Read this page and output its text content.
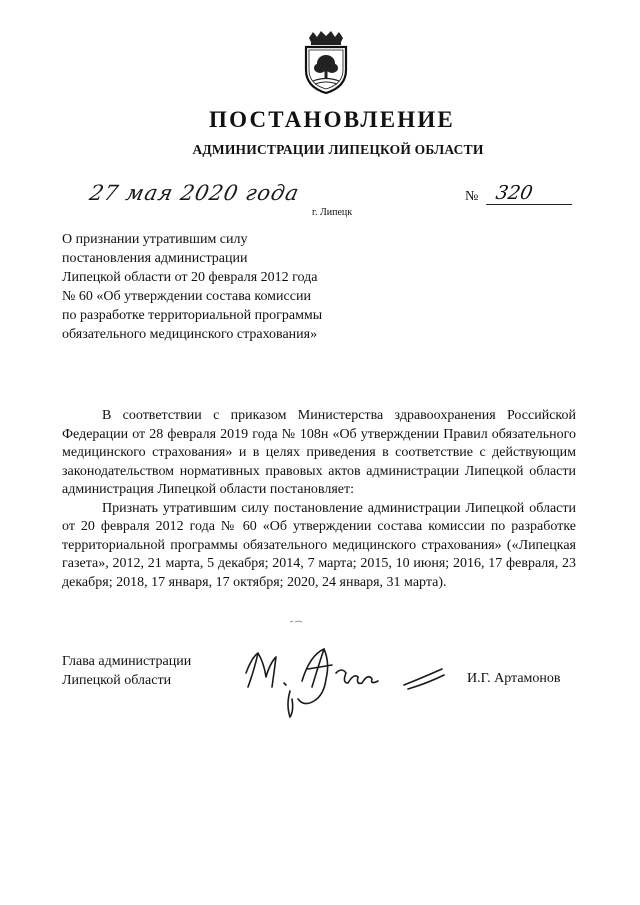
ПОСТАНОВЛЕНИЕ
АДМИНИСТРАЦИИ ЛИПЕЦКОЙ ОБЛАСТИ
27 мая 2020 года
г. Липецк
№ 320
О признании утратившим силу
постановления администрации
Липецкой области от 20 февраля 2012 года
№ 60 «Об утверждении состава комиссии
по разработке территориальной программы
обязательного медицинского страхования»

В соответствии с приказом Министерства здравоохранения Российской Федерации от 28 февраля 2019 года № 108н «Об утверждении Правил обязательного медицинского страхования» и в целях приведения в соответствие с действующим законодательством нормативных правовых актов администрации Липецкой области администрация Липецкой области постановляет:

Признать утратившим силу постановление администрации Липецкой области от 20 февраля 2012 года № 60 «Об утверждении состава комиссии по разработке территориальной программы обязательного медицинского страхования» («Липецкая газета», 2012, 21 марта, 5 декабря; 2014, 7 марта; 2015, 10 июня; 2016, 17 февраля, 23 декабря; 2018, 17 января, 17 октября; 2020, 24 января, 31 марта).

Глава администрации
Липецкой области	И.Г. Артамонов
